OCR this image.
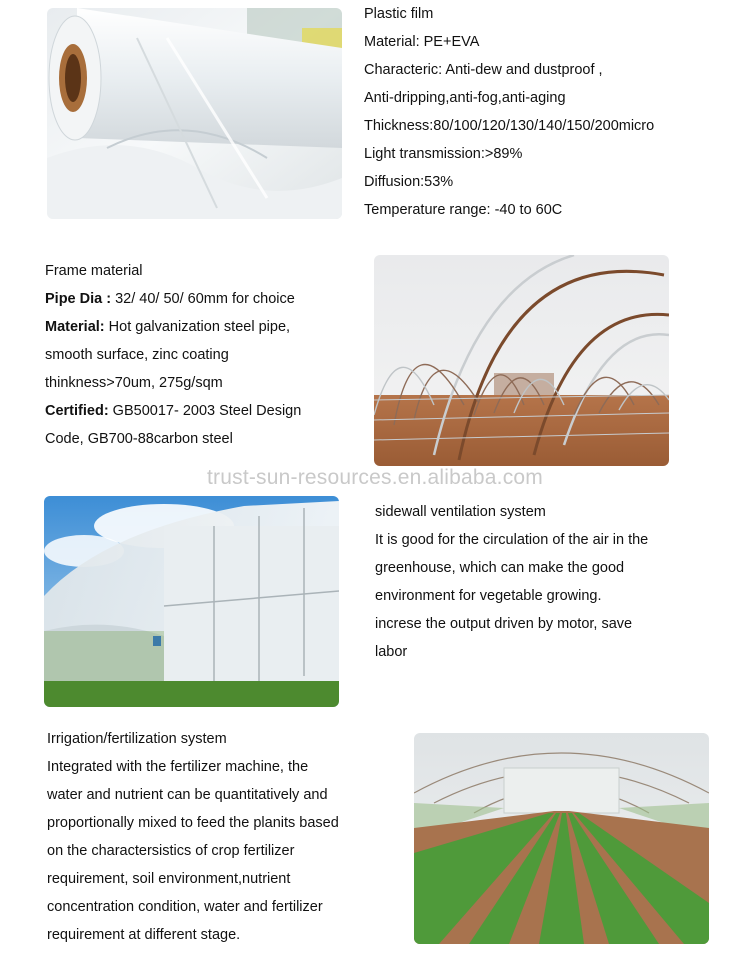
Plastic film

Material: PE+EVA

Characteric: Anti-dew and dustproof ,

Anti-dripping,anti-fog,anti-aging

Thickness:80/100/120/130/140/150/200micro

Light transmission:>89%

Diffusion:53%

Temperature range: -40 to 60C

Frame material

Pipe Dia : 32/ 40/ 50/ 60mm for choice

Material: Hot galvanization steel pipe,

smooth surface, zinc coating

thinkness>70um, 275g/sqm

Certified: GB50017- 2003 Steel Design

Code, GB700-88carbon steel

trust-sun-resources.en.alibaba.com

sidewall ventilation system

It is good for the circulation of the air in the

greenhouse, which can make the good

environment for vegetable growing.

increse the output driven by motor, save

labor

Irrigation/fertilization system

Integrated with the fertilizer machine, the

water and nutrient can be quantitatively and

proportionally mixed to feed the planits based

on the charactersistics of crop fertilizer

requirement, soil environment,nutrient

concentration condition, water and fertilizer

requirement at different stage.
